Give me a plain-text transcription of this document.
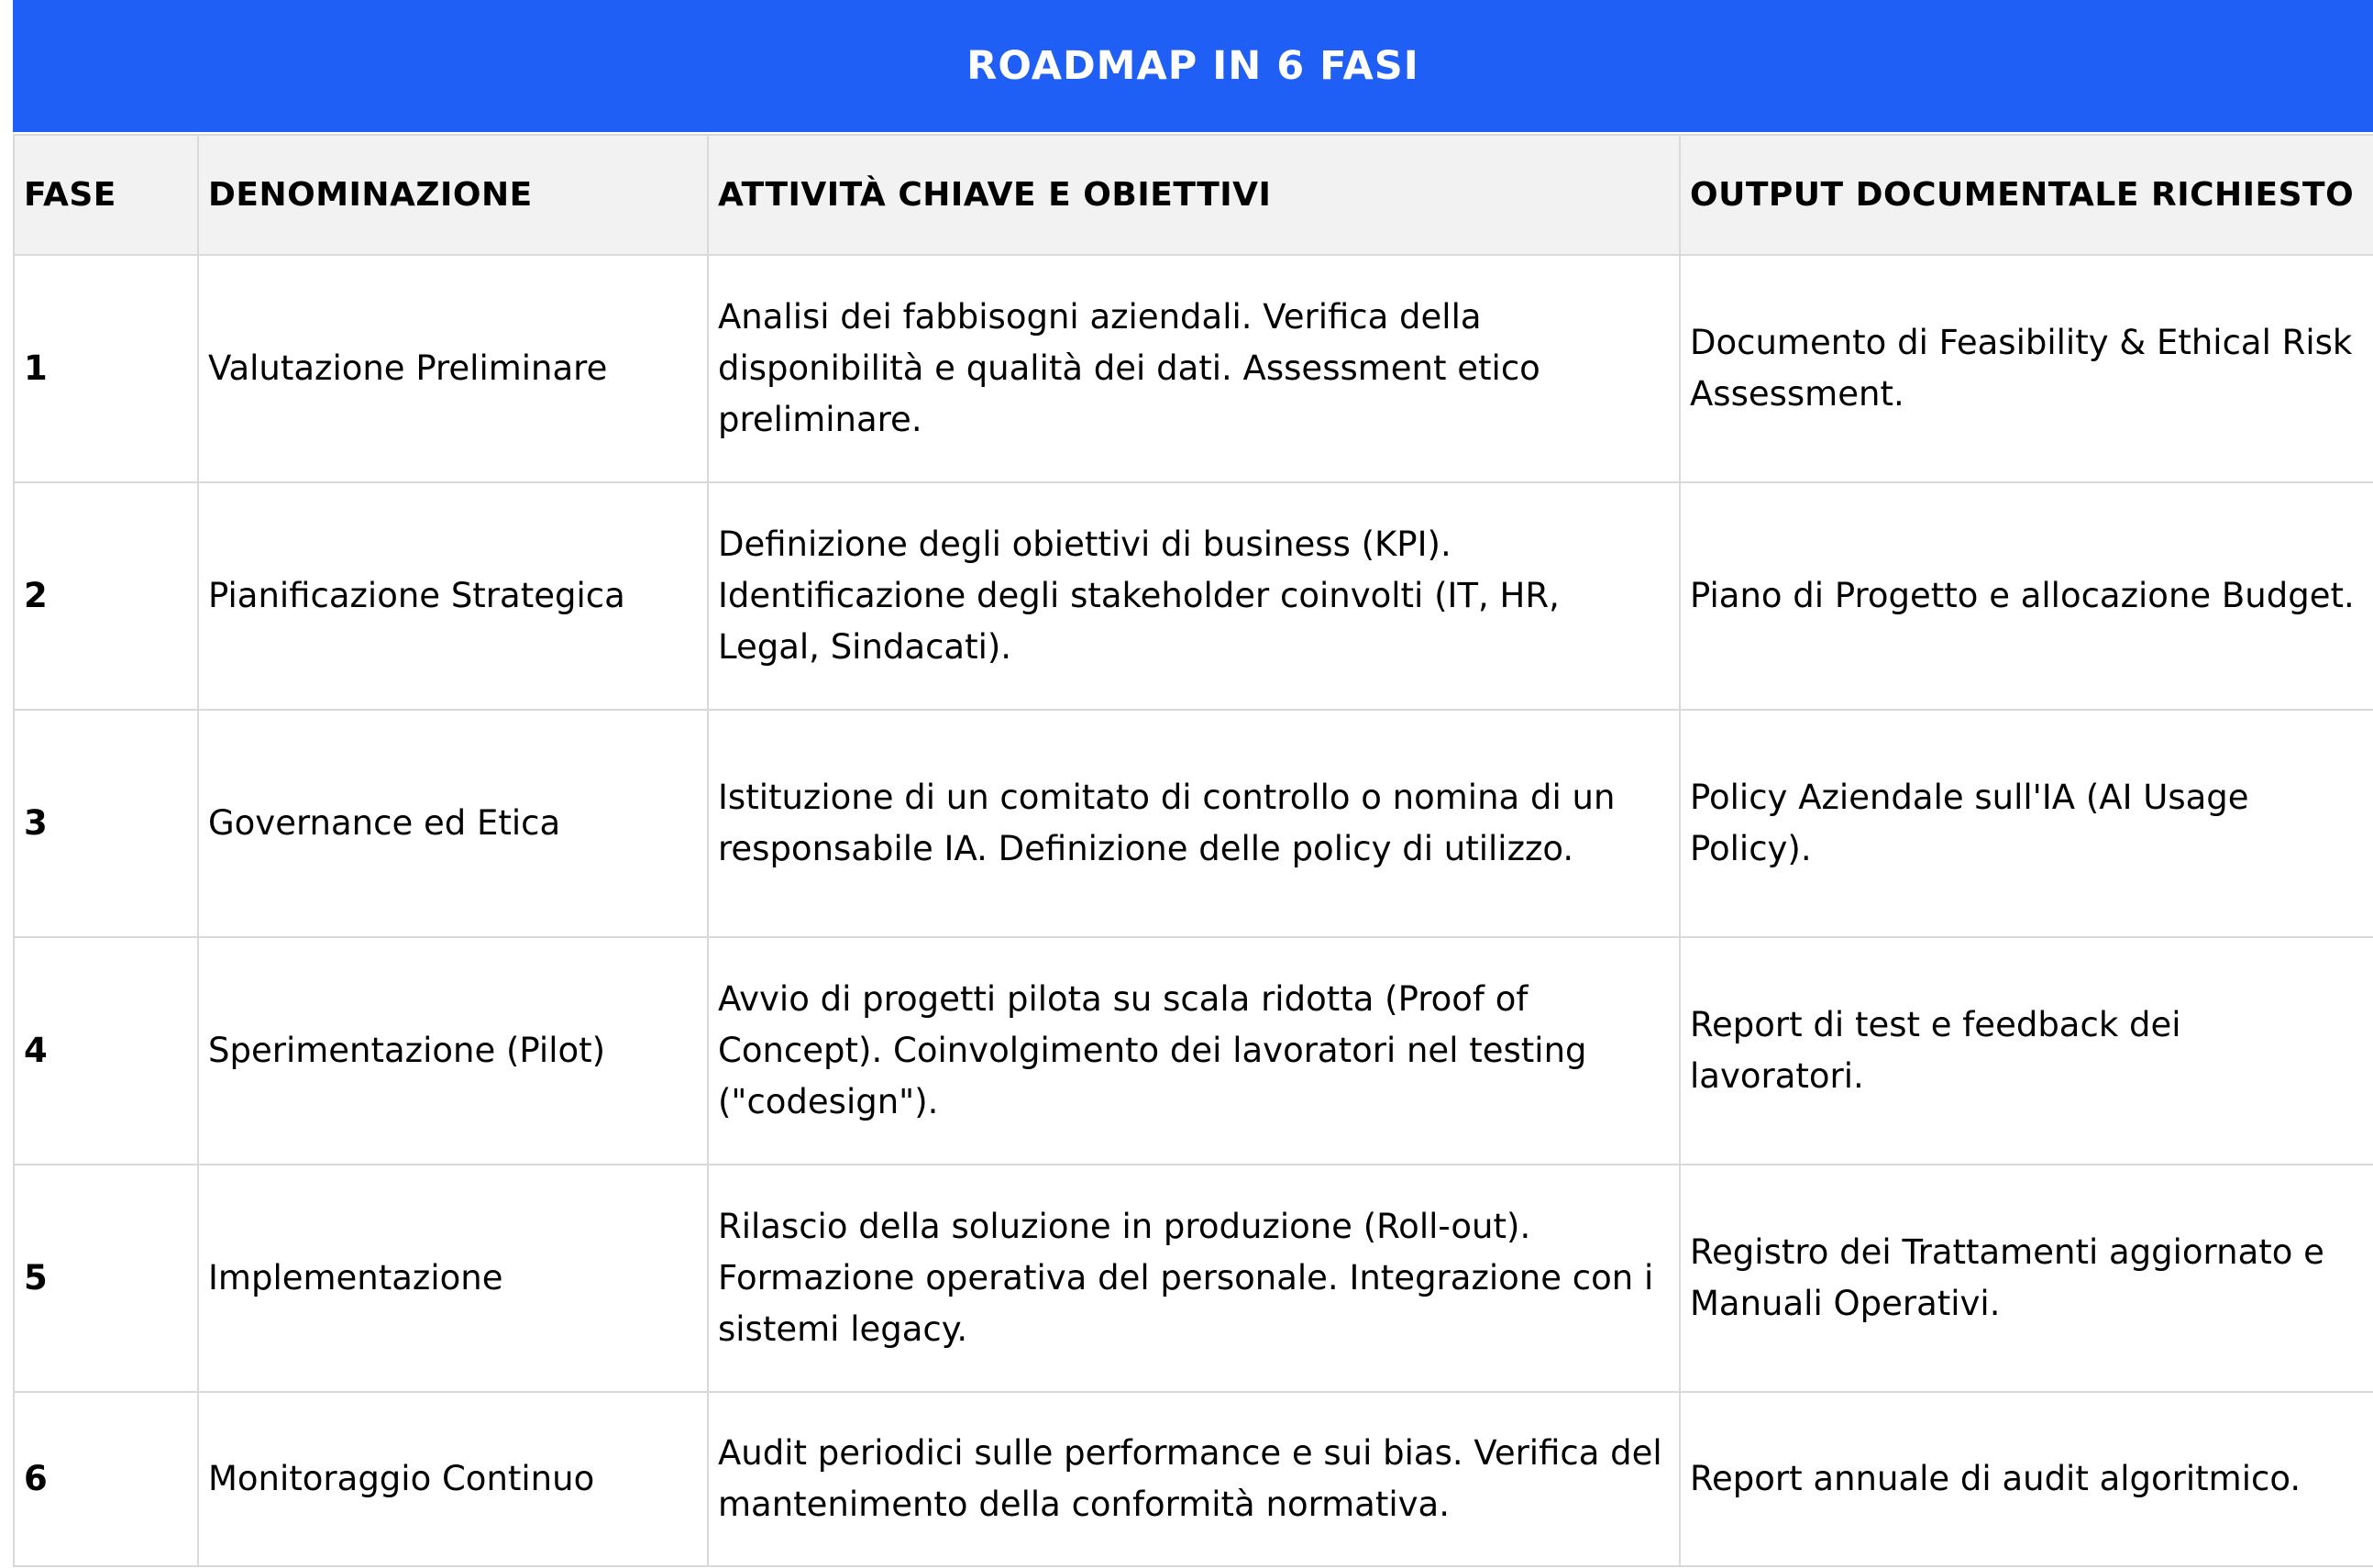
ROADMAP IN 6 FASI
FASE	DENOMINAZIONE	ATTIVITÀ CHIAVE E OBIETTIVI	OUTPUT DOCUMENTALE RICHIESTO
1	Valutazione Preliminare	Analisi dei fabbisogni aziendali. Verifica della disponibilità e qualità dei dati. Assessment etico preliminare.	Documento di Feasibility & Ethical Risk Assessment.
2	Pianificazione Strategica	Definizione degli obiettivi di business (KPI). Identificazione degli stakeholder coinvolti (IT, HR, Legal, Sindacati).	Piano di Progetto e allocazione Budget.
3	Governance ed Etica	Istituzione di un comitato di controllo o nomina di un responsabile IA. Definizione delle policy di utilizzo.	Policy Aziendale sull'IA (AI Usage Policy).
4	Sperimentazione (Pilot)	Avvio di progetti pilota su scala ridotta (Proof of Concept). Coinvolgimento dei lavoratori nel testing ("codesign").	Report di test e feedback dei lavoratori.
5	Implementazione	Rilascio della soluzione in produzione (Roll-out). Formazione operativa del personale. Integrazione con i sistemi legacy.	Registro dei Trattamenti aggiornato e Manuali Operativi.
6	Monitoraggio Continuo	Audit periodici sulle performance e sui bias. Verifica del mantenimento della conformità normativa.	Report annuale di audit algoritmico.
